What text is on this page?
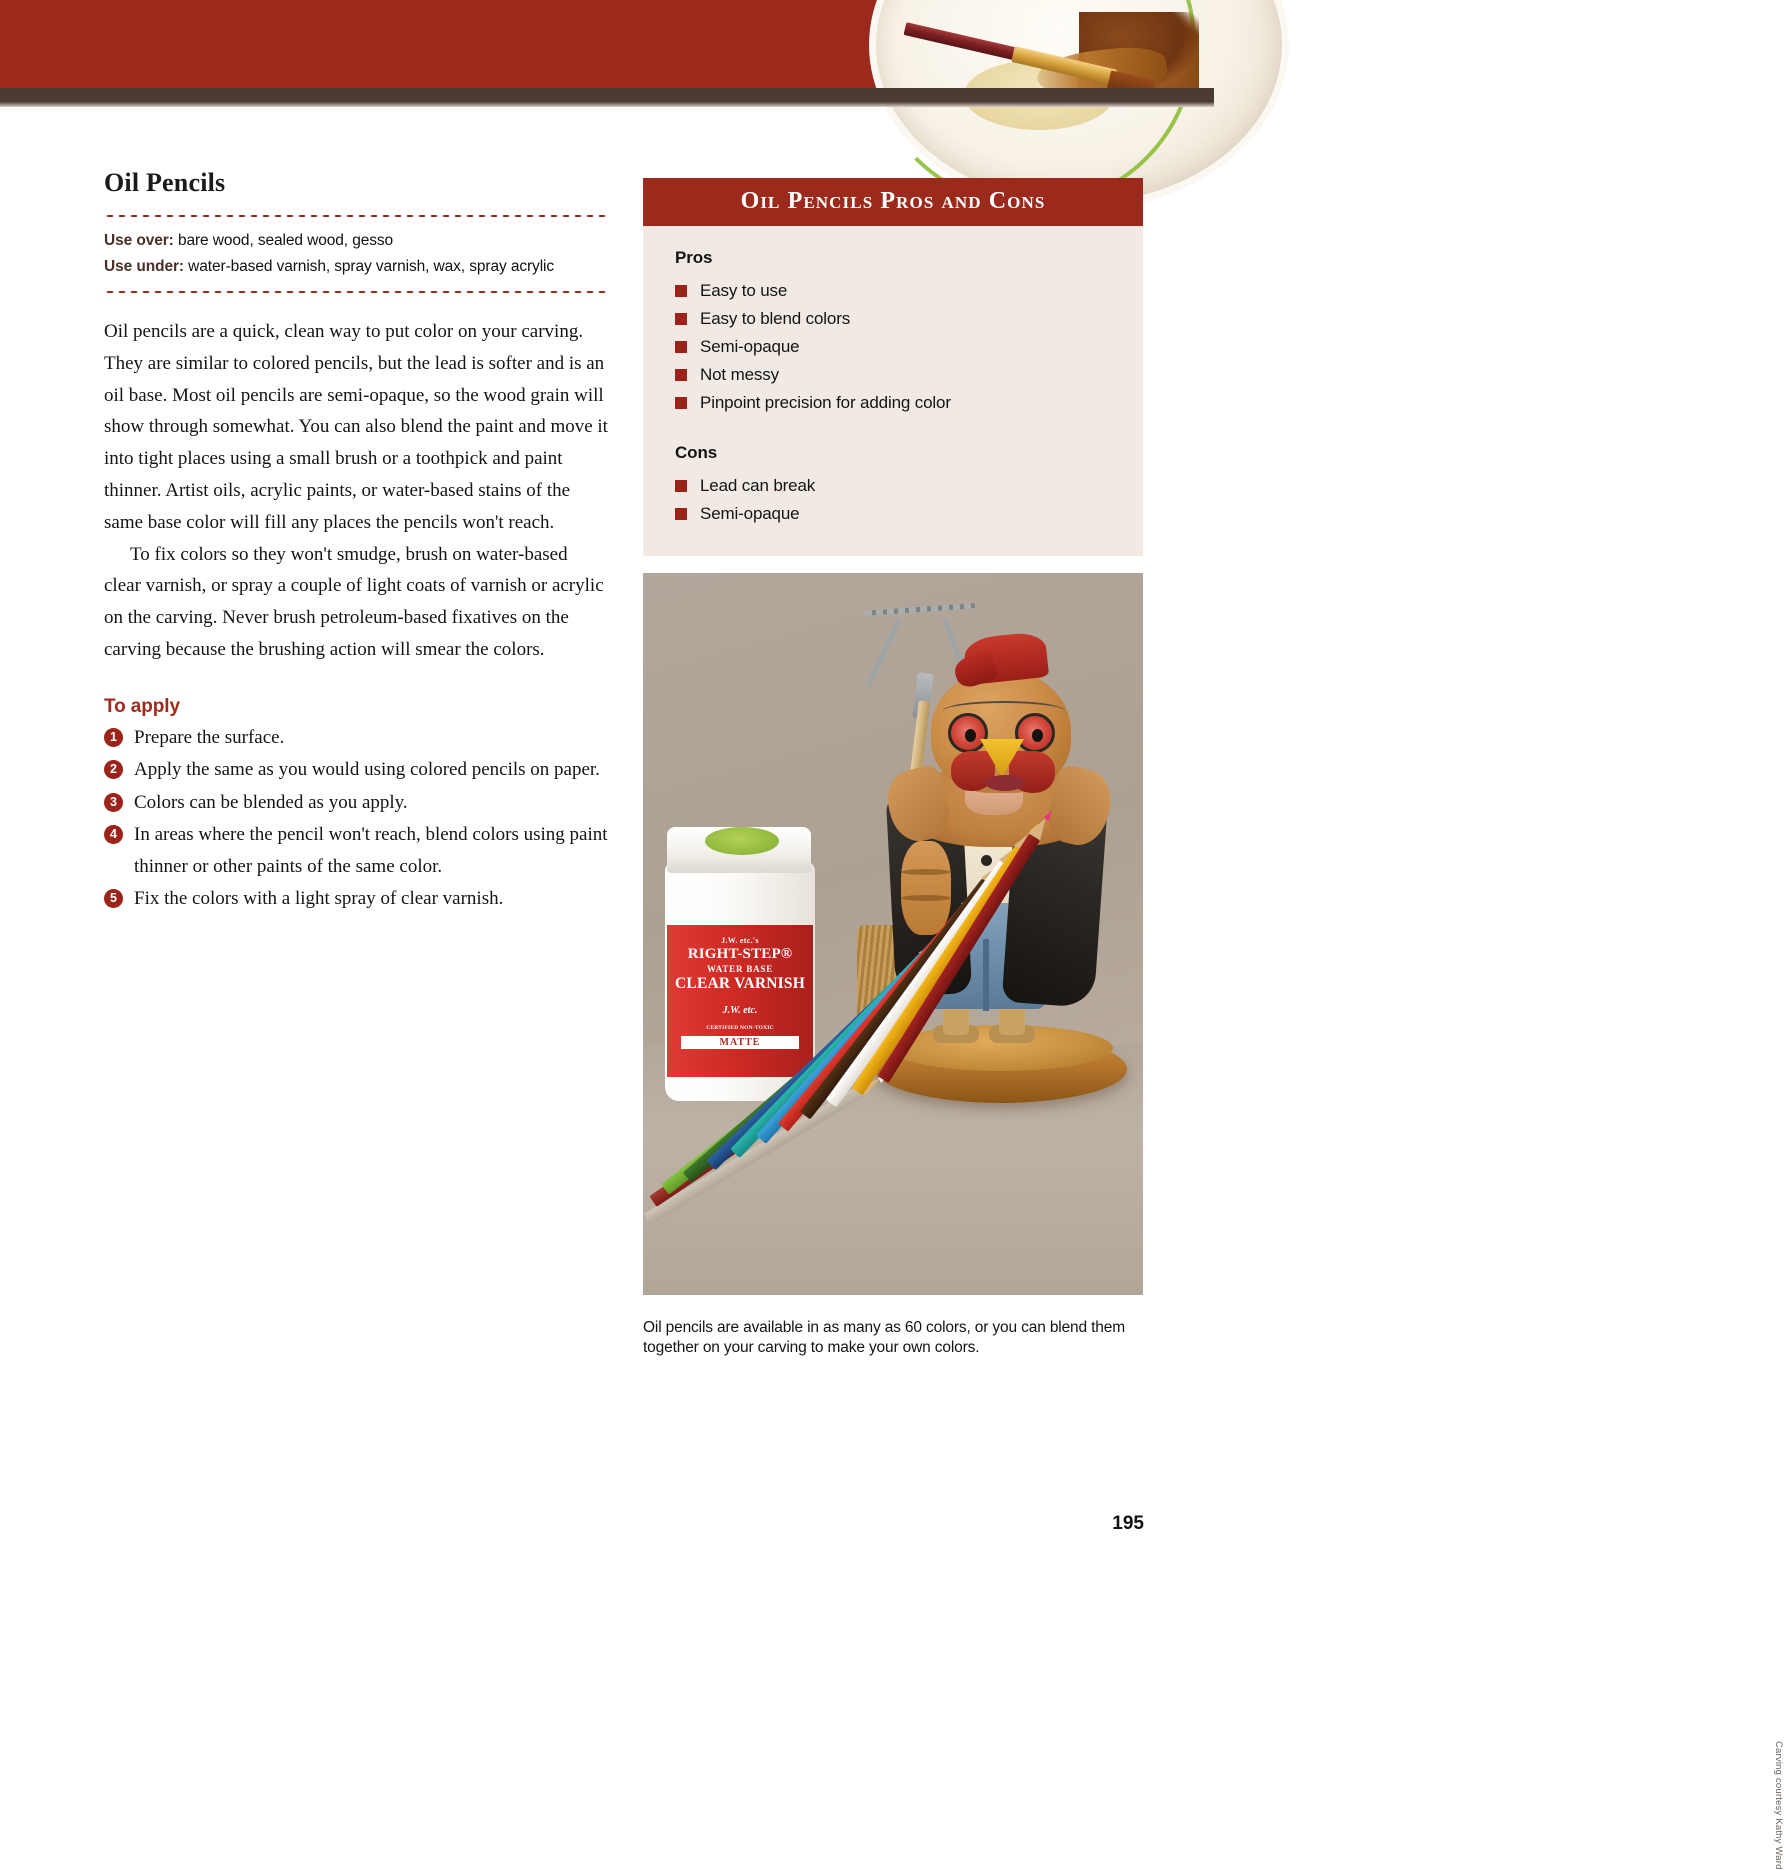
Oil Pencils
Use over: bare wood, sealed wood, gesso
Use under: water-based varnish, spray varnish, wax, spray acrylic

Oil pencils are a quick, clean way to put color on your carving. They are similar to colored pencils, but the lead is softer and is an oil base. Most oil pencils are semi-opaque, so the wood grain will show through somewhat. You can also blend the paint and move it into tight places using a small brush or a toothpick and paint thinner. Artist oils, acrylic paints, or water-based stains of the same base color will fill any places the pencils won't reach.

To fix colors so they won't smudge, brush on water-based clear varnish, or spray a couple of light coats of varnish or acrylic on the carving. Never brush petroleum-based fixatives on the carving because the brushing action will smear the colors.

To apply
1 Prepare the surface.
2 Apply the same as you would using colored pencils on paper.
3 Colors can be blended as you apply.
4 In areas where the pencil won't reach, blend colors using paint thinner or other paints of the same color.
5 Fix the colors with a light spray of clear varnish.
Oil Pencils Pros and Cons
Pros
Easy to use
Easy to blend colors
Semi-opaque
Not messy
Pinpoint precision for adding color
Cons
Lead can break
Semi-opaque
J.W. etc.'s
RIGHT-STEP®
WATER BASE
CLEAR VARNISH
J.W. etc.
CERTIFIED NON-TOXIC
MATTE
Carving courtesy Kathy Ward
Oil pencils are available in as many as 60 colors, or you can blend them together on your carving to make your own colors.
195
